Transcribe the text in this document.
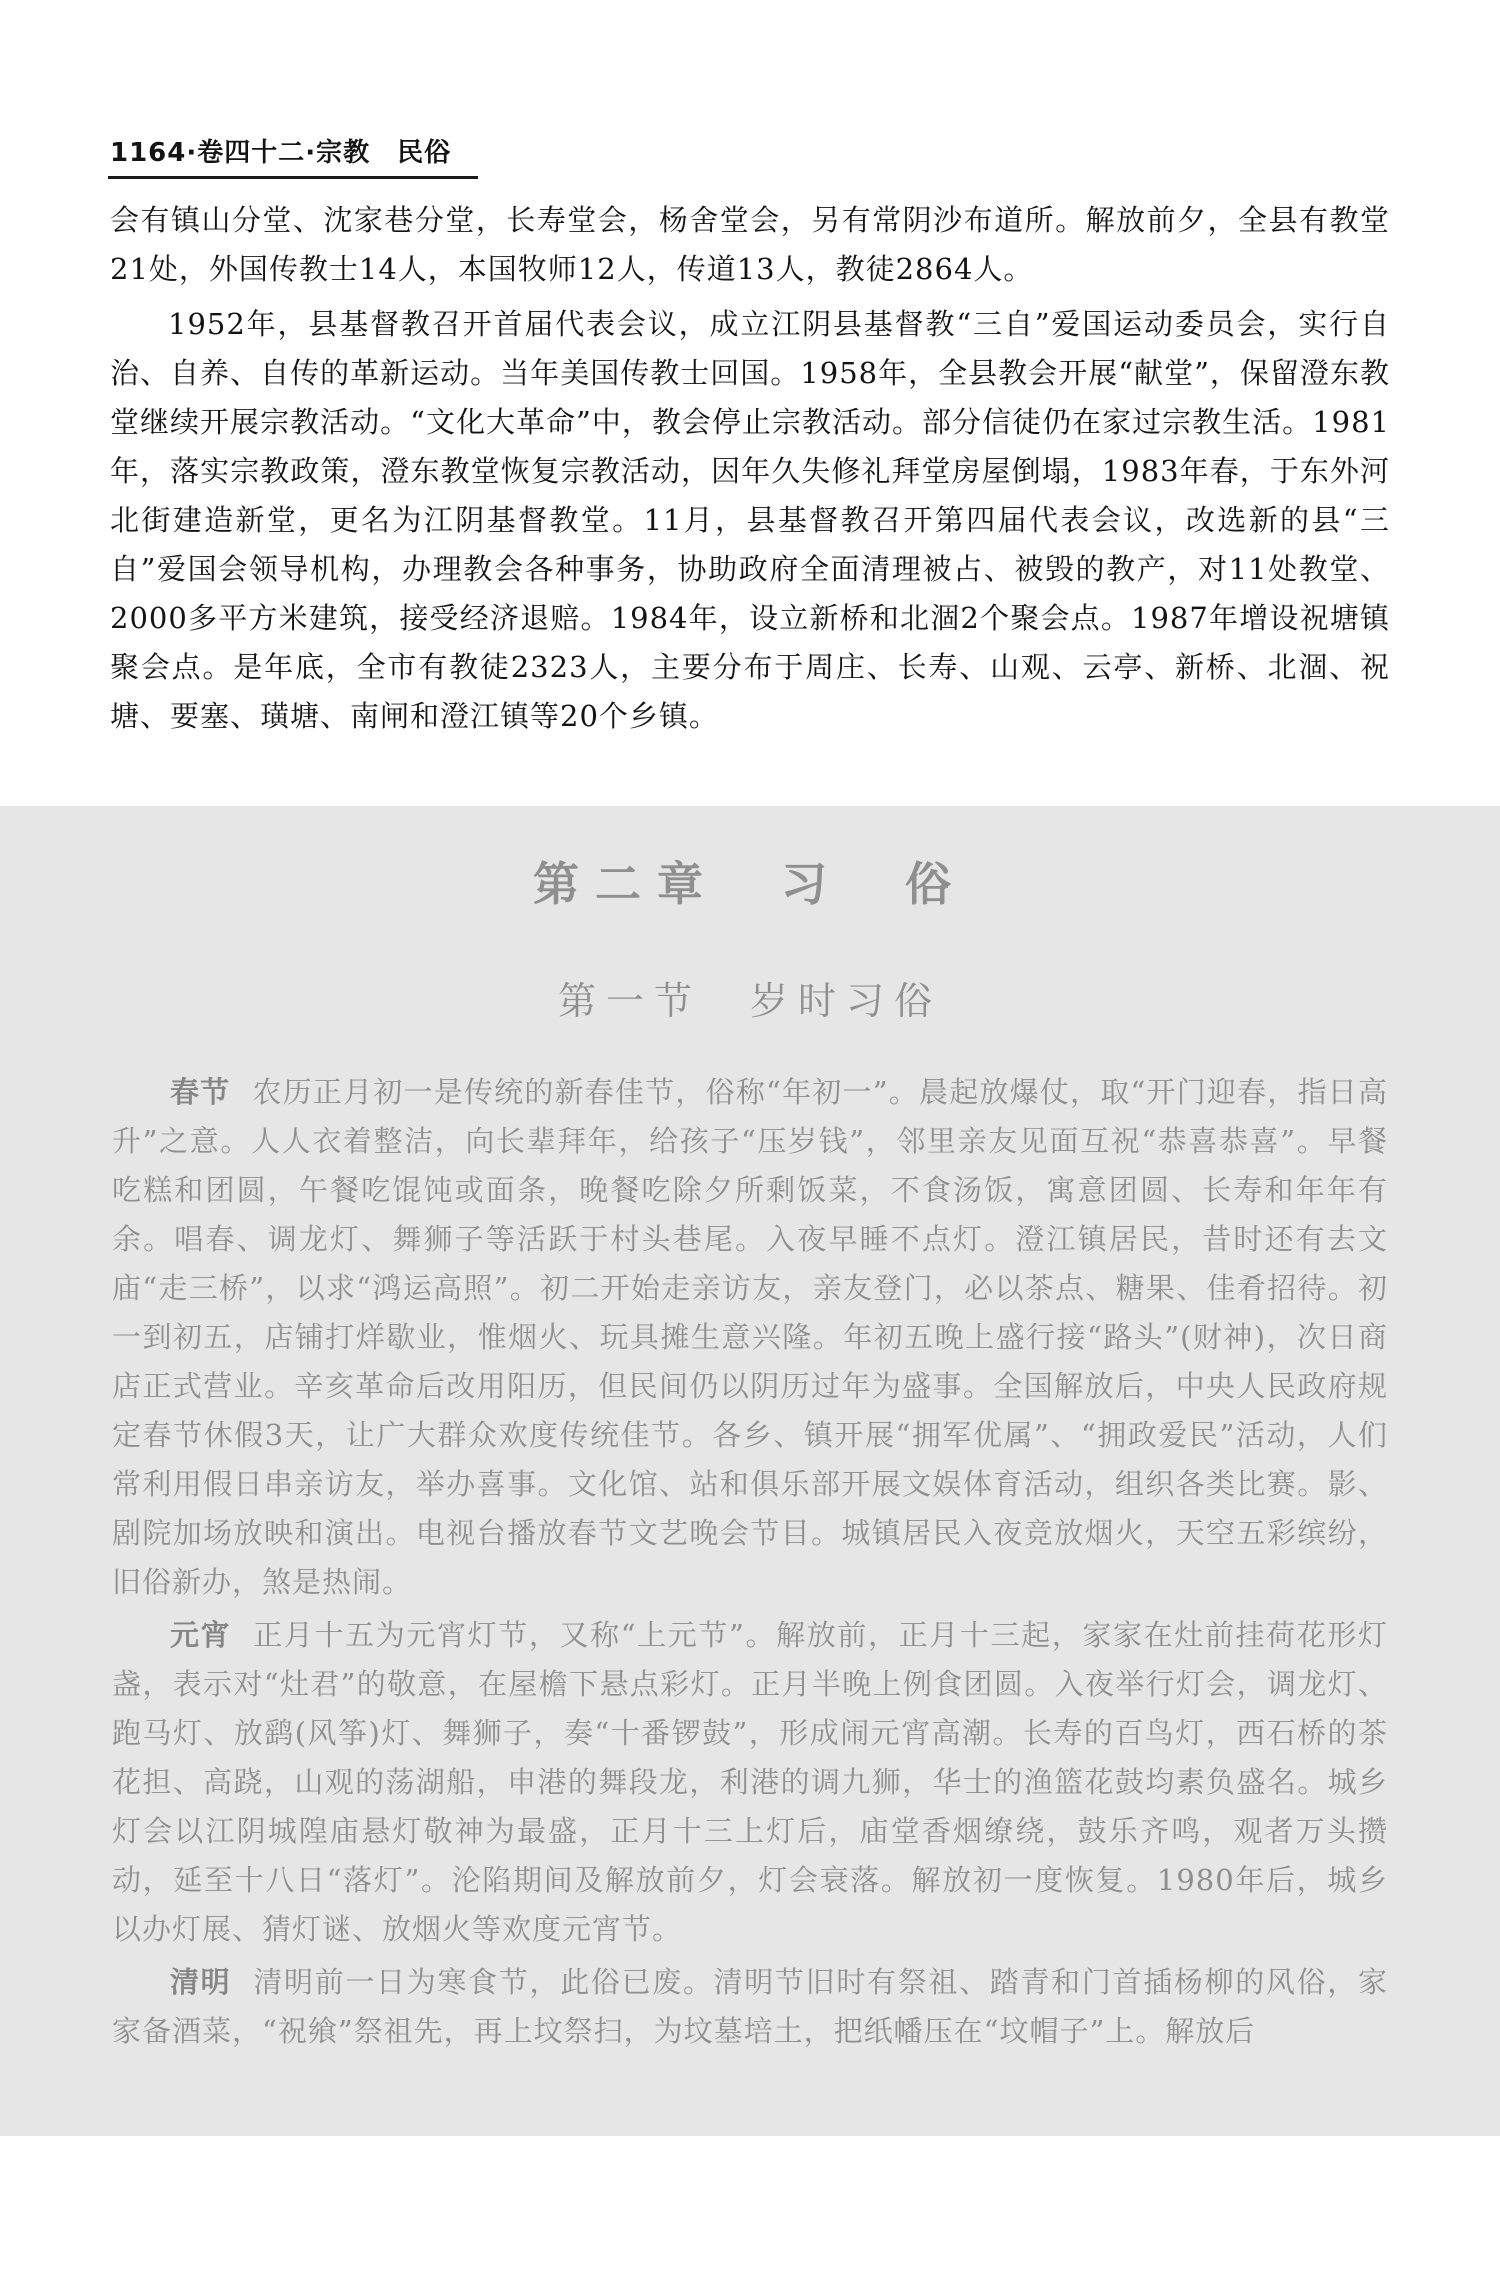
1164·卷四十二·宗教　民俗

会有镇山分堂、沈家巷分堂，长寿堂会，杨舍堂会，另有常阴沙布道所。解放前夕，全县有教堂21处，外国传教士14人，本国牧师12人，传道13人，教徒2864人。

1952年，县基督教召开首届代表会议，成立江阴县基督教“三自”爱国运动委员会，实行自治、自养、自传的革新运动。当年美国传教士回国。1958年，全县教会开展“献堂”，保留澄东教堂继续开展宗教活动。“文化大革命”中，教会停止宗教活动。部分信徒仍在家过宗教生活。1981年，落实宗教政策，澄东教堂恢复宗教活动，因年久失修礼拜堂房屋倒塌，1983年春，于东外河北街建造新堂，更名为江阴基督教堂。11月，县基督教召开第四届代表会议，改选新的县“三自”爱国会领导机构，办理教会各种事务，协助政府全面清理被占、被毁的教产，对11处教堂、2000多平方米建筑，接受经济退赔。1984年，设立新桥和北涸2个聚会点。1987年增设祝塘镇聚会点。是年底，全市有教徒2323人，主要分布于周庄、长寿、山观、云亭、新桥、北涸、祝塘、要塞、璜塘、南闸和澄江镇等20个乡镇。

第二章　习　俗
第一节　岁时习俗

春节 农历正月初一是传统的新春佳节，俗称“年初一”。晨起放爆仗，取“开门迎春，指日高升”之意。人人衣着整洁，向长辈拜年，给孩子“压岁钱”，邻里亲友见面互祝“恭喜恭喜”。早餐吃糕和团圆，午餐吃馄饨或面条，晚餐吃除夕所剩饭菜，不食汤饭，寓意团圆、长寿和年年有余。唱春、调龙灯、舞狮子等活跃于村头巷尾。入夜早睡不点灯。澄江镇居民，昔时还有去文庙“走三桥”，以求“鸿运高照”。初二开始走亲访友，亲友登门，必以茶点、糖果、佳肴招待。初一到初五，店铺打烊歇业，惟烟火、玩具摊生意兴隆。年初五晚上盛行接“路头”(财神)，次日商店正式营业。辛亥革命后改用阳历，但民间仍以阴历过年为盛事。全国解放后，中央人民政府规定春节休假3天，让广大群众欢度传统佳节。各乡、镇开展“拥军优属”、“拥政爱民”活动，人们常利用假日串亲访友，举办喜事。文化馆、站和俱乐部开展文娱体育活动，组织各类比赛。影、剧院加场放映和演出。电视台播放春节文艺晚会节目。城镇居民入夜竞放烟火，天空五彩缤纷，旧俗新办，煞是热闹。

元宵 正月十五为元宵灯节，又称“上元节”。解放前，正月十三起，家家在灶前挂荷花形灯盏，表示对“灶君”的敬意，在屋檐下悬点彩灯。正月半晚上例食团圆。入夜举行灯会，调龙灯、跑马灯、放鹞(风筝)灯、舞狮子，奏“十番锣鼓”，形成闹元宵高潮。长寿的百鸟灯，西石桥的茶花担、高跷，山观的荡湖船，申港的舞段龙，利港的调九狮，华士的渔篮花鼓均素负盛名。城乡灯会以江阴城隍庙悬灯敬神为最盛，正月十三上灯后，庙堂香烟缭绕，鼓乐齐鸣，观者万头攒动，延至十八日“落灯”。沦陷期间及解放前夕，灯会衰落。解放初一度恢复。1980年后，城乡以办灯展、猜灯谜、放烟火等欢度元宵节。

清明 清明前一日为寒食节，此俗已废。清明节旧时有祭祖、踏青和门首插杨柳的风俗，家家备酒菜，“祝飨”祭祖先，再上坟祭扫，为坟墓培土，把纸幡压在“坟帽子”上。解放后
